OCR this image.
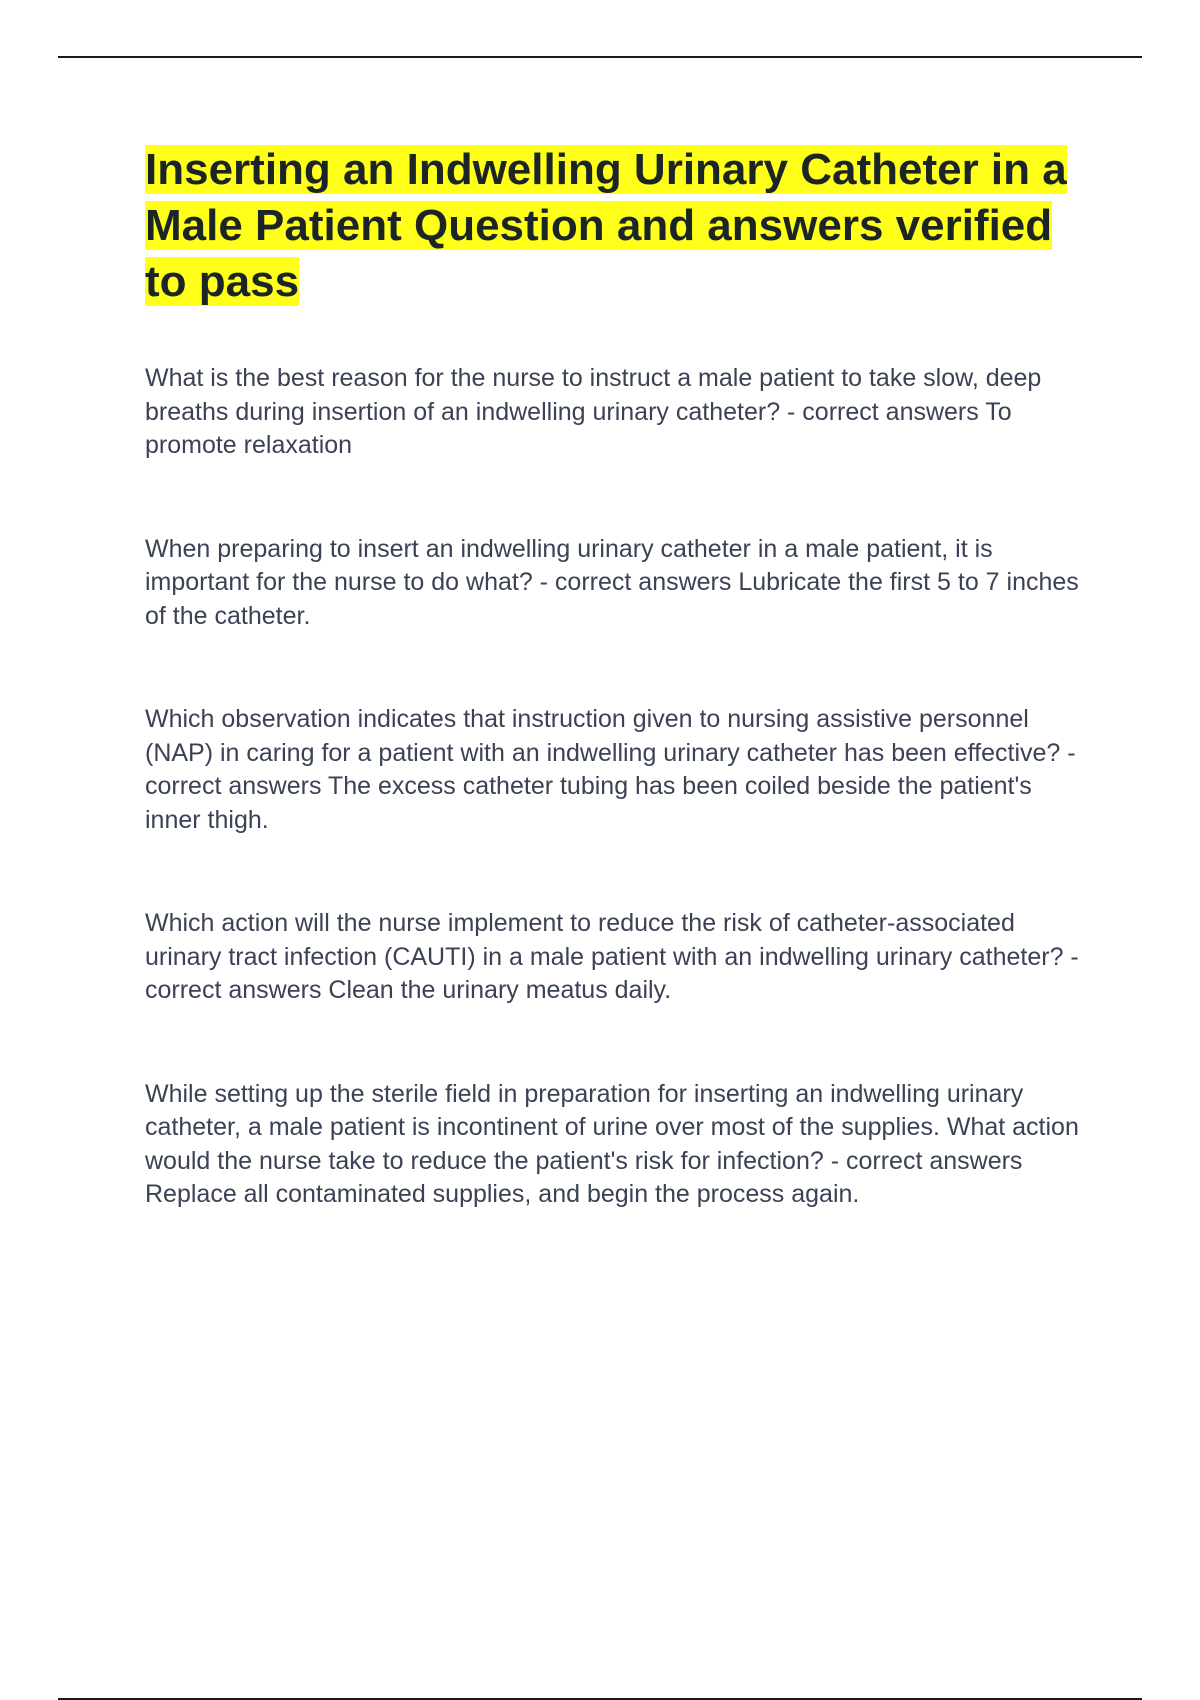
Inserting an Indwelling Urinary Catheter in a Male Patient Question and answers verified to pass

What is the best reason for the nurse to instruct a male patient to take slow, deep breaths during insertion of an indwelling urinary catheter? - correct answers To promote relaxation

When preparing to insert an indwelling urinary catheter in a male patient, it is important for the nurse to do what? - correct answers Lubricate the first 5 to 7 inches of the catheter.

Which observation indicates that instruction given to nursing assistive personnel (NAP) in caring for a patient with an indwelling urinary catheter has been effective? - correct answers The excess catheter tubing has been coiled beside the patient's inner thigh.

Which action will the nurse implement to reduce the risk of catheter-associated urinary tract infection (CAUTI) in a male patient with an indwelling urinary catheter? - correct answers Clean the urinary meatus daily.

While setting up the sterile field in preparation for inserting an indwelling urinary catheter, a male patient is incontinent of urine over most of the supplies. What action would the nurse take to reduce the patient's risk for infection? - correct answers Replace all contaminated supplies, and begin the process again.
